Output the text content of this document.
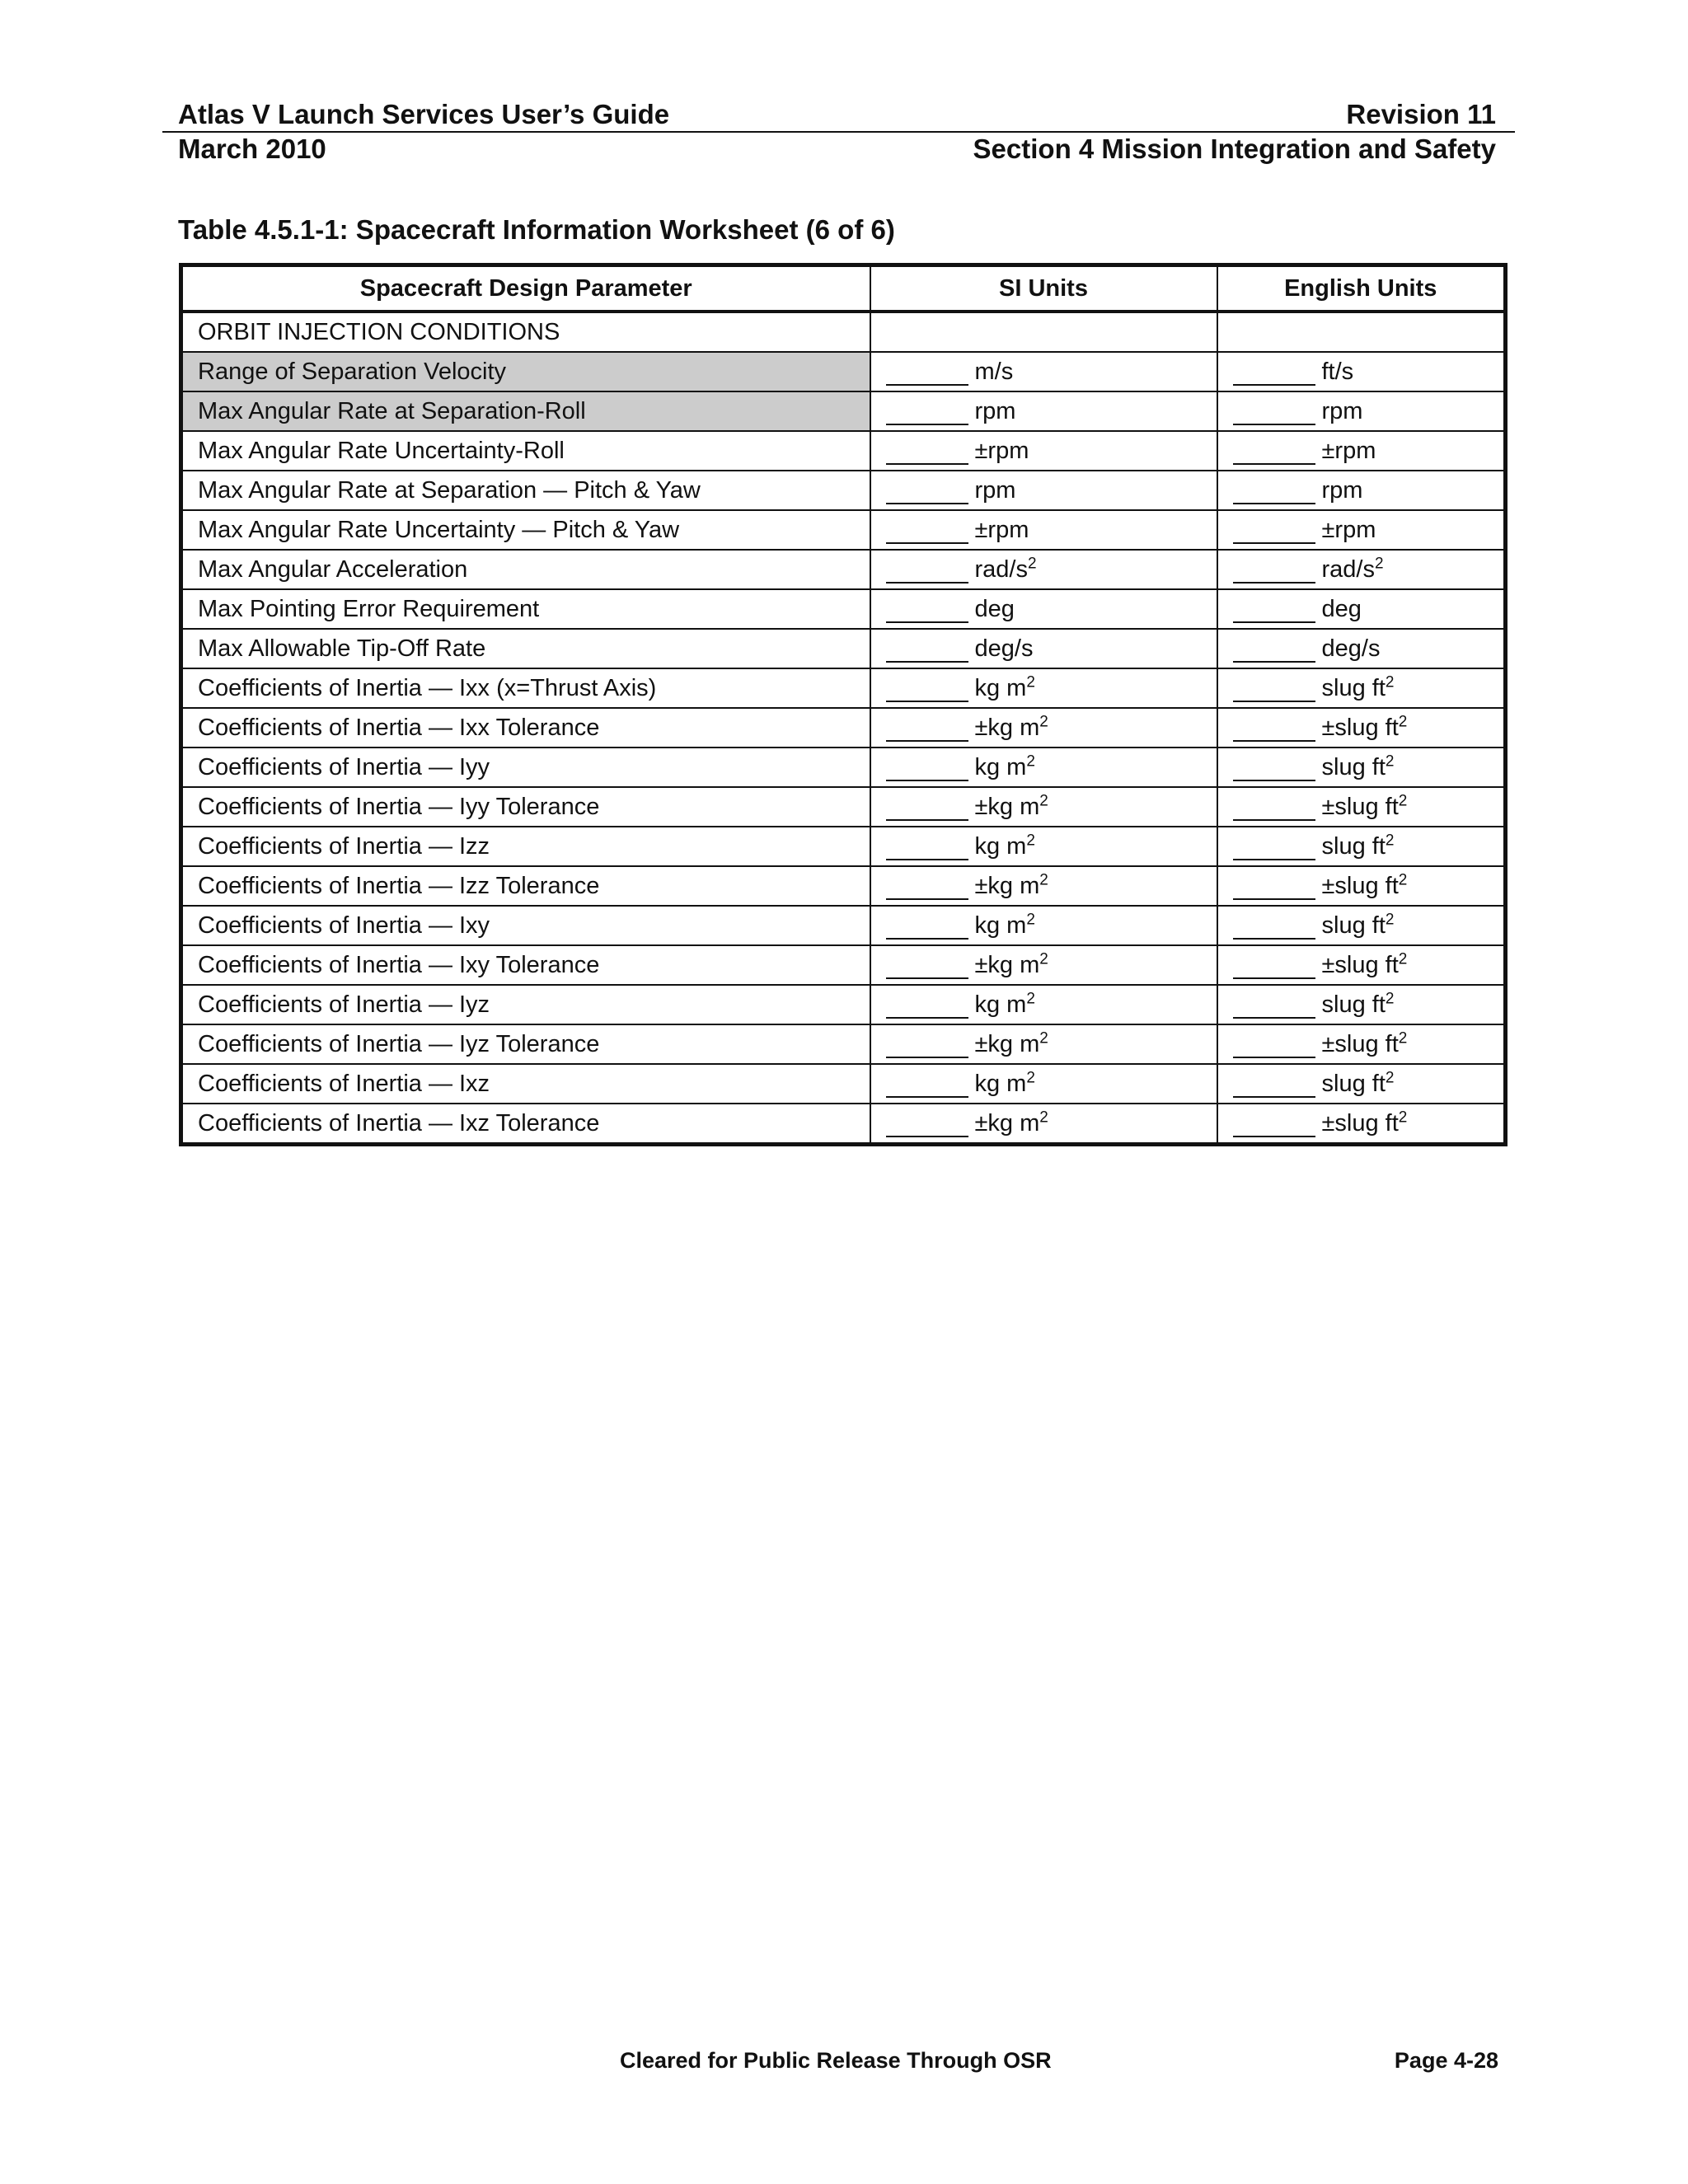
Atlas V Launch Services User’s Guide	Revision 11
March 2010	Section 4 Mission Integration and Safety
Table 4.5.1-1: Spacecraft Information Worksheet (6 of 6)
Spacecraft Design Parameter	SI Units	English Units
ORBIT INJECTION CONDITIONS		
Range of Separation Velocity	m/s	ft/s
Max Angular Rate at Separation-Roll	rpm	rpm
Max Angular Rate Uncertainty-Roll	±rpm	±rpm
Max Angular Rate at Separation — Pitch & Yaw	rpm	rpm
Max Angular Rate Uncertainty — Pitch & Yaw	±rpm	±rpm
Max Angular Acceleration	rad/$s^2$	rad/$s^2$
Max Pointing Error Requirement	deg	deg
Max Allowable Tip-Off Rate	deg/s	deg/s
Coefficients of Inertia — Ixx (x=Thrust Axis)	kg $m^2$	slug $ft^2$
Coefficients of Inertia — Ixx Tolerance	±kg $m^2$	±slug $ft^2$
Coefficients of Inertia — Iyy	kg $m^2$	slug $ft^2$
Coefficients of Inertia — Iyy Tolerance	±kg $m^2$	±slug $ft^2$
Coefficients of Inertia — Izz	kg $m^2$	slug $ft^2$
Coefficients of Inertia — Izz Tolerance	±kg $m^2$	±slug $ft^2$
Coefficients of Inertia — Ixy	kg $m^2$	slug $ft^2$
Coefficients of Inertia — Ixy Tolerance	±kg $m^2$	±slug $ft^2$
Coefficients of Inertia — Iyz	kg $m^2$	slug $ft^2$
Coefficients of Inertia — Iyz Tolerance	±kg $m^2$	±slug $ft^2$
Coefficients of Inertia — Ixz	kg $m^2$	slug $ft^2$
Coefficients of Inertia — Ixz Tolerance	±kg $m^2$	±slug $ft^2$
Cleared for Public Release Through OSR	Page 4-28
